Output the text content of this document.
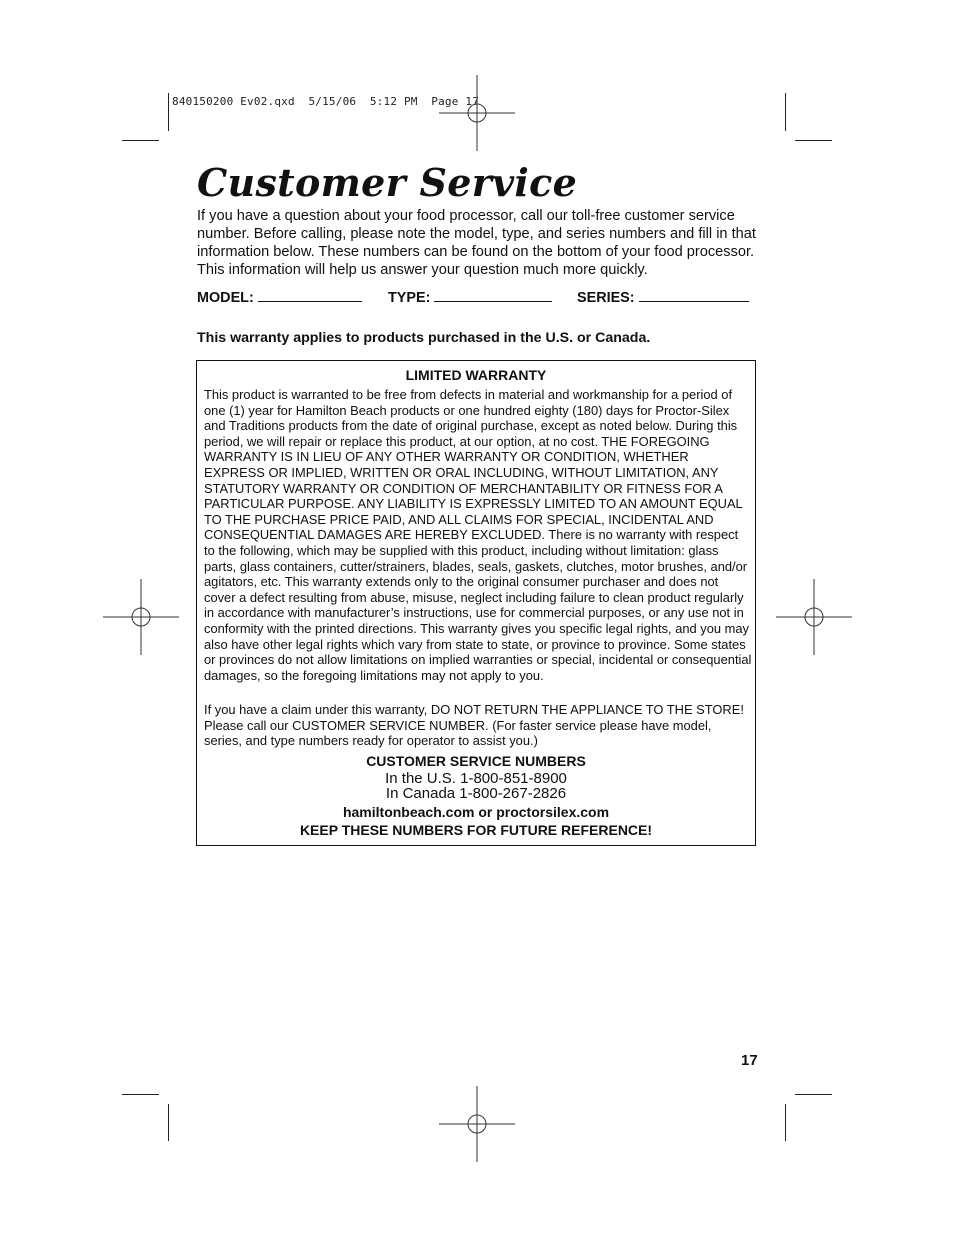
840150200 Ev02.qxd  5/15/06  5:12 PM  Page 17
Customer Service

If you have a question about your food processor, call our toll-free customer service number. Before calling, please note the model, type, and series numbers and fill in that information below. These numbers can be found on the bottom of your food processor. This information will help us answer your question much more quickly.

MODEL:	TYPE:	SERIES:

This warranty applies to products purchased in the U.S. or Canada.

LIMITED WARRANTY

This product is warranted to be free from defects in material and workmanship for a period of one (1) year for Hamilton Beach products or one hundred eighty (180) days for Proctor-Silex and Traditions products from the date of original purchase, except as noted below. During this period, we will repair or replace this product, at our option, at no cost. THE FOREGOING WARRANTY IS IN LIEU OF ANY OTHER WARRANTY OR CONDITION, WHETHER EXPRESS OR IMPLIED, WRITTEN OR ORAL INCLUDING, WITHOUT LIMITATION, ANY STATUTORY WARRANTY OR CONDITION OF MERCHANTABILITY OR FITNESS FOR A PARTICULAR PURPOSE. ANY LIABILITY IS EXPRESSLY LIMITED TO AN AMOUNT EQUAL TO THE PURCHASE PRICE PAID, AND ALL CLAIMS FOR SPECIAL, INCIDENTAL AND CONSEQUENTIAL DAMAGES ARE HEREBY EXCLUDED. There is no warranty with respect to the following, which may be supplied with this product, including without limitation: glass parts, glass containers, cutter/strainers, blades, seals, gaskets, clutches, motor brushes, and/or agitators, etc. This warranty extends only to the original consumer purchaser and does not cover a defect resulting from abuse, misuse, neglect including failure to clean product regularly in accordance with manufacturer’s instructions, use for commercial purposes, or any use not in conformity with the printed directions. This warranty gives you specific legal rights, and you may also have other legal rights which vary from state to state, or province to province. Some states or provinces do not allow limitations on implied warranties or special, incidental or consequential damages, so the foregoing limitations may not apply to you.

If you have a claim under this warranty, DO NOT RETURN THE APPLIANCE TO THE STORE! Please call our CUSTOMER SERVICE NUMBER. (For faster service please have model, series, and type numbers ready for operator to assist you.)

CUSTOMER SERVICE NUMBERS
In the U.S. 1-800-851-8900
In Canada 1-800-267-2826
hamiltonbeach.com or proctorsilex.com
KEEP THESE NUMBERS FOR FUTURE REFERENCE!
17
